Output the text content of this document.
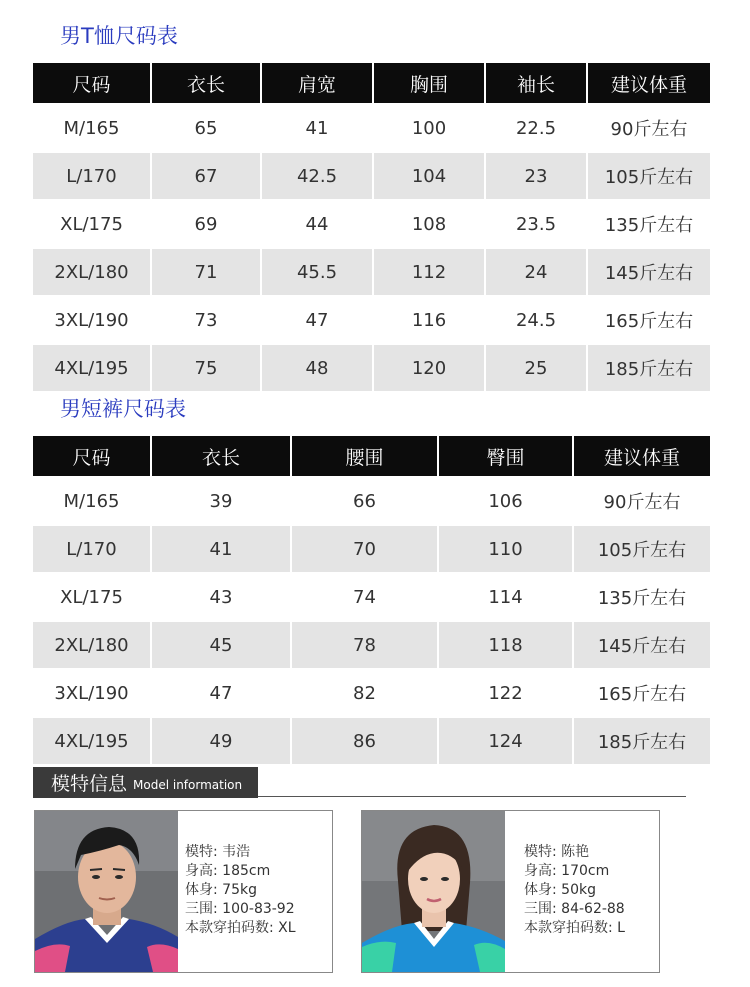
男T恤尺码表
尺码	衣长	肩宽	胸围	袖长	建议体重
M/165	65	41	100	22.5	90斤左右
L/170	67	42.5	104	23	105斤左右
XL/175	69	44	108	23.5	135斤左右
2XL/180	71	45.5	112	24	145斤左右
3XL/190	73	47	116	24.5	165斤左右
4XL/195	75	48	120	25	185斤左右
男短裤尺码表
尺码	衣长	腰围	臀围	建议体重
M/165	39	66	106	90斤左右
L/170	41	70	110	105斤左右
XL/175	43	74	114	135斤左右
2XL/180	45	78	118	145斤左右
3XL/190	47	82	122	165斤左右
4XL/195	49	86	124	185斤左右
模特信息 Model information
模特: 韦浩
身高: 185cm
体身: 75kg
三围: 100-83-92
本款穿拍码数: XL
模特: 陈艳
身高: 170cm
体身: 50kg
三围: 84-62-88
本款穿拍码数: L
